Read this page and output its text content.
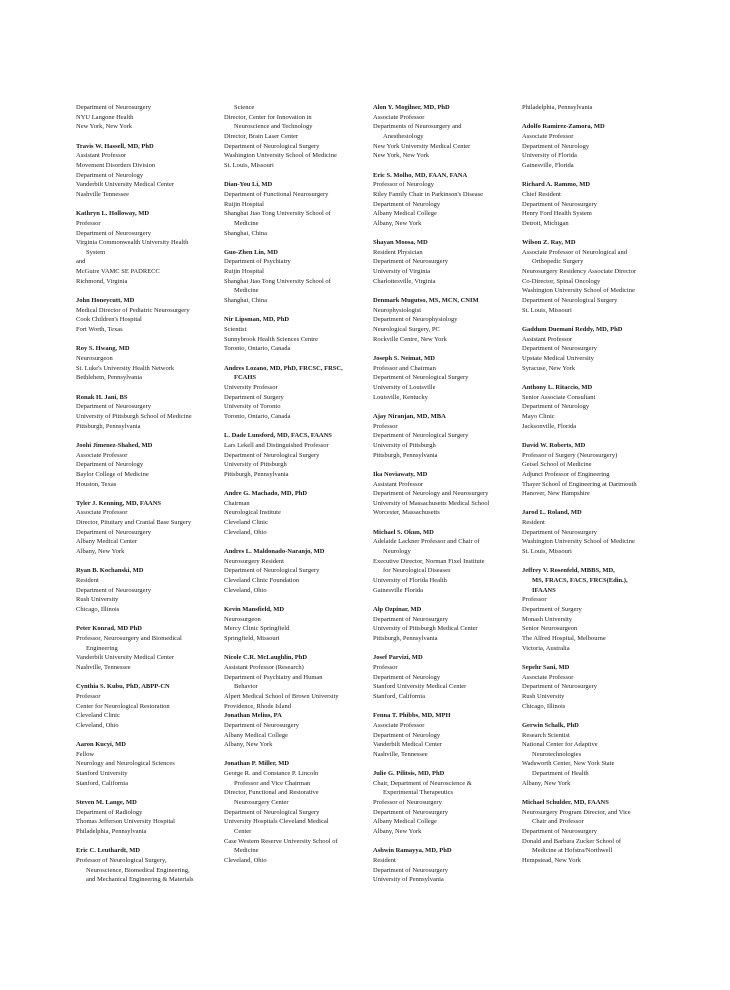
Department of Neurosurgery
NYU Langone Health
New York, New York
Travis W. Hassell, MD, PhD
Assistant Professor
Movement Disorders Division
Department of Neurology
Vanderbilt University Medical Center
Nashville Tennessee
Kathryn L. Holloway, MD
Professor
Department of Neurosurgery
Virginia Commonwealth University Health
System
and
McGuire VAMC SE PADRECC
Richmond, Virginia
John Honeycutt, MD
Medical Director of Pediatric Neurosurgery
Cook Children's Hospital
Fort Worth, Texas
Roy S. Hwang, MD
Neurosurgeon
St. Luke's University Health Network
Bethlehem, Pennsylvania
Ronak H. Jani, BS
Department of Neurosurgery
University of Pittsburgh School of Medicine
Pittsburgh, Pennsylvania
Joohi Jimenez-Shahed, MD
Associate Professor
Department of Neurology
Baylor College of Medicine
Houston, Texas
Tyler J. Kenning, MD, FAANS
Associate Professor
Director, Pituitary and Cranial Base Surgery
Department of Neurosurgery
Albany Medical Center
Albany, New York
Ryan B. Kochanski, MD
Resident
Department of Neurosurgery
Rush University
Chicago, Illinois
Peter Konrad, MD PhD
Professor, Neurosurgery and Biomedical
Engineering
Vanderbilt University Medical Center
Nashville, Tennessee
Cynthia S. Kubu, PhD, ABPP-CN
Professor
Center for Neurological Restoration
Cleveland Clinic
Cleveland, Ohio
Aaron Kucyi, MD
Fellow
Neurology and Neurological Sciences
Stanford University
Stanford, California
Steven M. Lange, MD
Department of Radiology
Thomas Jefferson University Hospital
Philadelphia, Pennsylvania
Eric C. Leuthardt, MD
Professor of Neurological Surgery,
Neuroscience, Biomedical Engineering,
and Mechanical Engineering & Materials
Science
Director, Center for Innovation in
Neuroscience and Technology
Director, Brain Laser Center
Department of Neurological Surgery
Washington University School of Medicine
St. Louis, Missouri
Dian-You Li, MD
Department of Functional Neurosurgery
Ruijin Hospital
Shanghai Jiao Tong University School of
Medicine
Shanghai, China
Guo-Zhen Lin, MD
Department of Psychiatry
Ruijin Hospital
Shanghai Jiao Tong University School of
Medicine
Shanghai, China
Nir Lipsman, MD, PhD
Scientist
Sunnybrook Health Sciences Centre
Toronto, Ontario, Canada
Andres Lozano, MD, PhD, FRCSC, FRSC,
FCAHS
University Professor
Department of Surgery
University of Toronto
Toronto, Ontario, Canada
L. Dade Lunsford, MD, FACS, FAANS
Lars Lekell and Distinguished Professor
Department of Neurological Surgery
University of Pittsburgh
Pittsburgh, Pennsylvania
Andre G. Machado, MD, PhD
Chairman
Neurological Institute
Cleveland Clinic
Cleveland, Ohio
Andres L. Maldonado-Naranjo, MD
Neurosurgery Resident
Department of Neurological Surgery
Cleveland Clinic Foundation
Cleveland, Ohio
Kevin Mansfield, MD
Neurosurgeon
Mercy Clinic Springfield
Springfield, Missouri
Nicole C.R. McLaughlin, PhD
Assistant Professor (Research)
Department of Psychiatry and Human
Behavior
Alpert Medical School of Brown University
Providence, Rhode Island
Jonathan Melius, PA
Department of Neurosurgery
Albany Medical College
Albany, New York
Jonathan P. Miller, MD
George R. and Constance P. Lincoln
Professor and Vice Chairman
Director, Functional and Restorative
Neurosurgery Center
Department of Neurological Surgery
University Hospitals Cleveland Medical
Center
Case Western Reserve University School of
Medicine
Cleveland, Ohio
Alon Y. Mogilner, MD, PhD
Associate Professor
Departments of Neurosurgery and
Anesthesiology
New York University Medical Center
New York, New York
Eric S. Molho, MD, FAAN, FANA
Professor of Neurology
Riley Family Chair in Parkinson's Disease
Department of Neurology
Albany Medical College
Albany, New York
Shayan Moosa, MD
Resident Physician
Department of Neurosurgery
University of Virginia
Charlottesville, Virginia
Denmark Mugutso, MS, MCN, CNIM
Neurophysiologist
Department of Neurophysiology
Neurological Surgery, PC
Rockville Centre, New York
Joseph S. Neimat, MD
Professor and Chairman
Department of Neurological Surgery
University of Louisville
Louisville, Kentucky
Ajay Niranjan, MD, MBA
Professor
Department of Neurological Surgery
University of Pittsburgh
Pittsburgh, Pennsylvania
Ika Noviawaty, MD
Assistant Professor
Department of Neurology and Neurosurgery
University of Massachusetts Medical School
Worcester, Massachusetts
Michael S. Okun, MD
Adelaide Lackner Professor and Chair of
Neurology
Executive Director, Norman Fixel Institute
for Neurological Diseases
University of Florida Health
Gainesville Florida
Alp Ozpinar, MD
Department of Neurosurgery
University of Pittsburgh Medical Center
Pittsburgh, Pennsylvania
Josef Parvizi, MD
Professor
Department of Neurology
Stanford University Medical Center
Stanford, California
Fenna T. Phibbs, MD, MPH
Associate Professor
Department of Neurology
Vanderbilt Medical Center
Nashville, Tennessee
Julie G. Pilitsis, MD, PhD
Chair, Department of Neuroscience &
Experimental Therapeutics
Professor of Neurosurgery
Department of Neurosurgery
Albany Medical College
Albany, New York
Ashwin Ramayya, MD, PhD
Resident
Department of Neurosurgery
University of Pennsylvania
Philadelphia, Pennsylvania
Adolfo Ramirez-Zamora, MD
Associate Professor
Department of Neurology
University of Florida
Gainesville, Florida
Richard A. Rammo, MD
Chief Resident
Department of Neurosurgery
Henry Ford Health System
Detroit, Michigan
Wilson Z. Ray, MD
Associate Professor of Neurological and
Orthopedic Surgery
Neurosurgery Residency Associate Director
Co-Director, Spinal Oncology
Washington University School of Medicine
Department of Neurological Surgery
St. Louis, Missouri
Gaddum Duemani Reddy, MD, PhD
Assistant Professor
Department of Neurosurgery
Upstate Medical University
Syracuse, New York
Anthony L. Ritaccio, MD
Senior Associate Consultant
Department of Neurology
Mayo Clinic
Jacksonville, Florida
David W. Roberts, MD
Professor of Surgery (Neurosurgery)
Geisel School of Medicine
Adjunct Professor of Engineering
Thayer School of Engineering at Dartmouth
Hanover, New Hampshire
Jarod L. Roland, MD
Resident
Department of Neurosurgery
Washington University School of Medicine
St. Louis, Missouri
Jeffrey V. Rosenfeld, MBBS, MD,
MS, FRACS, FACS, FRCS(Edin.),
IFAANS
Professor
Department of Surgery
Monash University
Senior Neurosurgeon
The Alfred Hospital, Melbourne
Victoria, Australia
Sepehr Sani, MD
Associate Professor
Department of Neurosurgery
Rush University
Chicago, Illinois
Gerwin Schalk, PhD
Research Scientist
National Center for Adaptive
Neurotechnologies
Wadsworth Center, New York State
Department of Health
Albany, New York
Michael Schulder, MD, FAANS
Neurosurgery Program Director, and Vice
Chair and Professor
Department of Neurosurgery
Donald and Barbara Zucker School of
Medicine at Hofstra/Northwell
Hempstead, New York
